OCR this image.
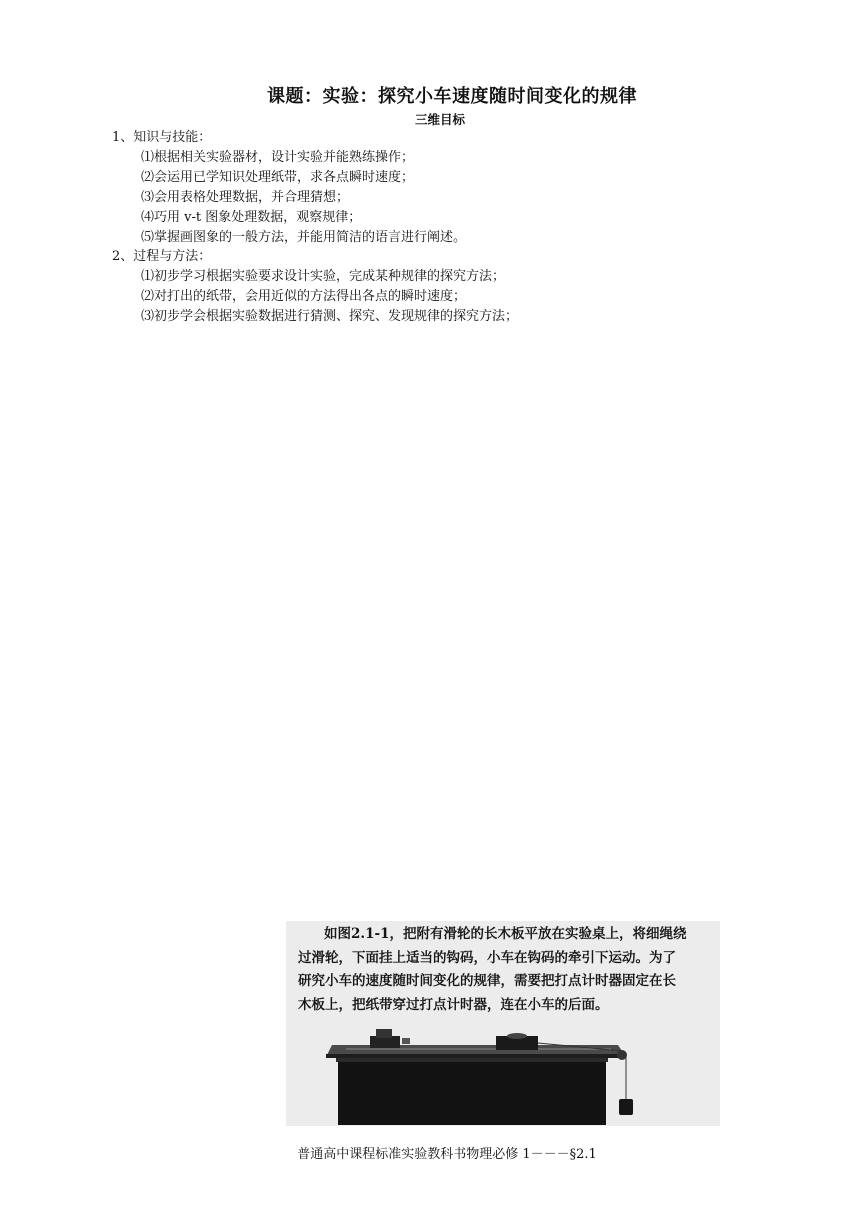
课题：实验：探究小车速度随时间变化的规律
三维目标
1、知识与技能：
⑴根据相关实验器材，设计实验并能熟练操作；
⑵会运用已学知识处理纸带，求各点瞬时速度；
⑶会用表格处理数据，并合理猜想；
⑷巧用 v-t 图象处理数据，观察规律；
⑸掌握画图象的一般方法，并能用简洁的语言进行阐述。
2、过程与方法：
⑴初步学习根据实验要求设计实验，完成某种规律的探究方法；
⑵对打出的纸带，会用近似的方法得出各点的瞬时速度；
⑶初步学会根据实验数据进行猜测、探究、发现规律的探究方法；
如图2.1-1，把附有滑轮的长木板平放在实验桌上，将细绳绕
过滑轮，下面挂上适当的钩码，小车在钩码的牵引下运动。为了
研究小车的速度随时间变化的规律，需要把打点计时器固定在长
木板上，把纸带穿过打点计时器，连在小车的后面。
普通高中课程标准实验教科书物理必修 1－－－§2.1
